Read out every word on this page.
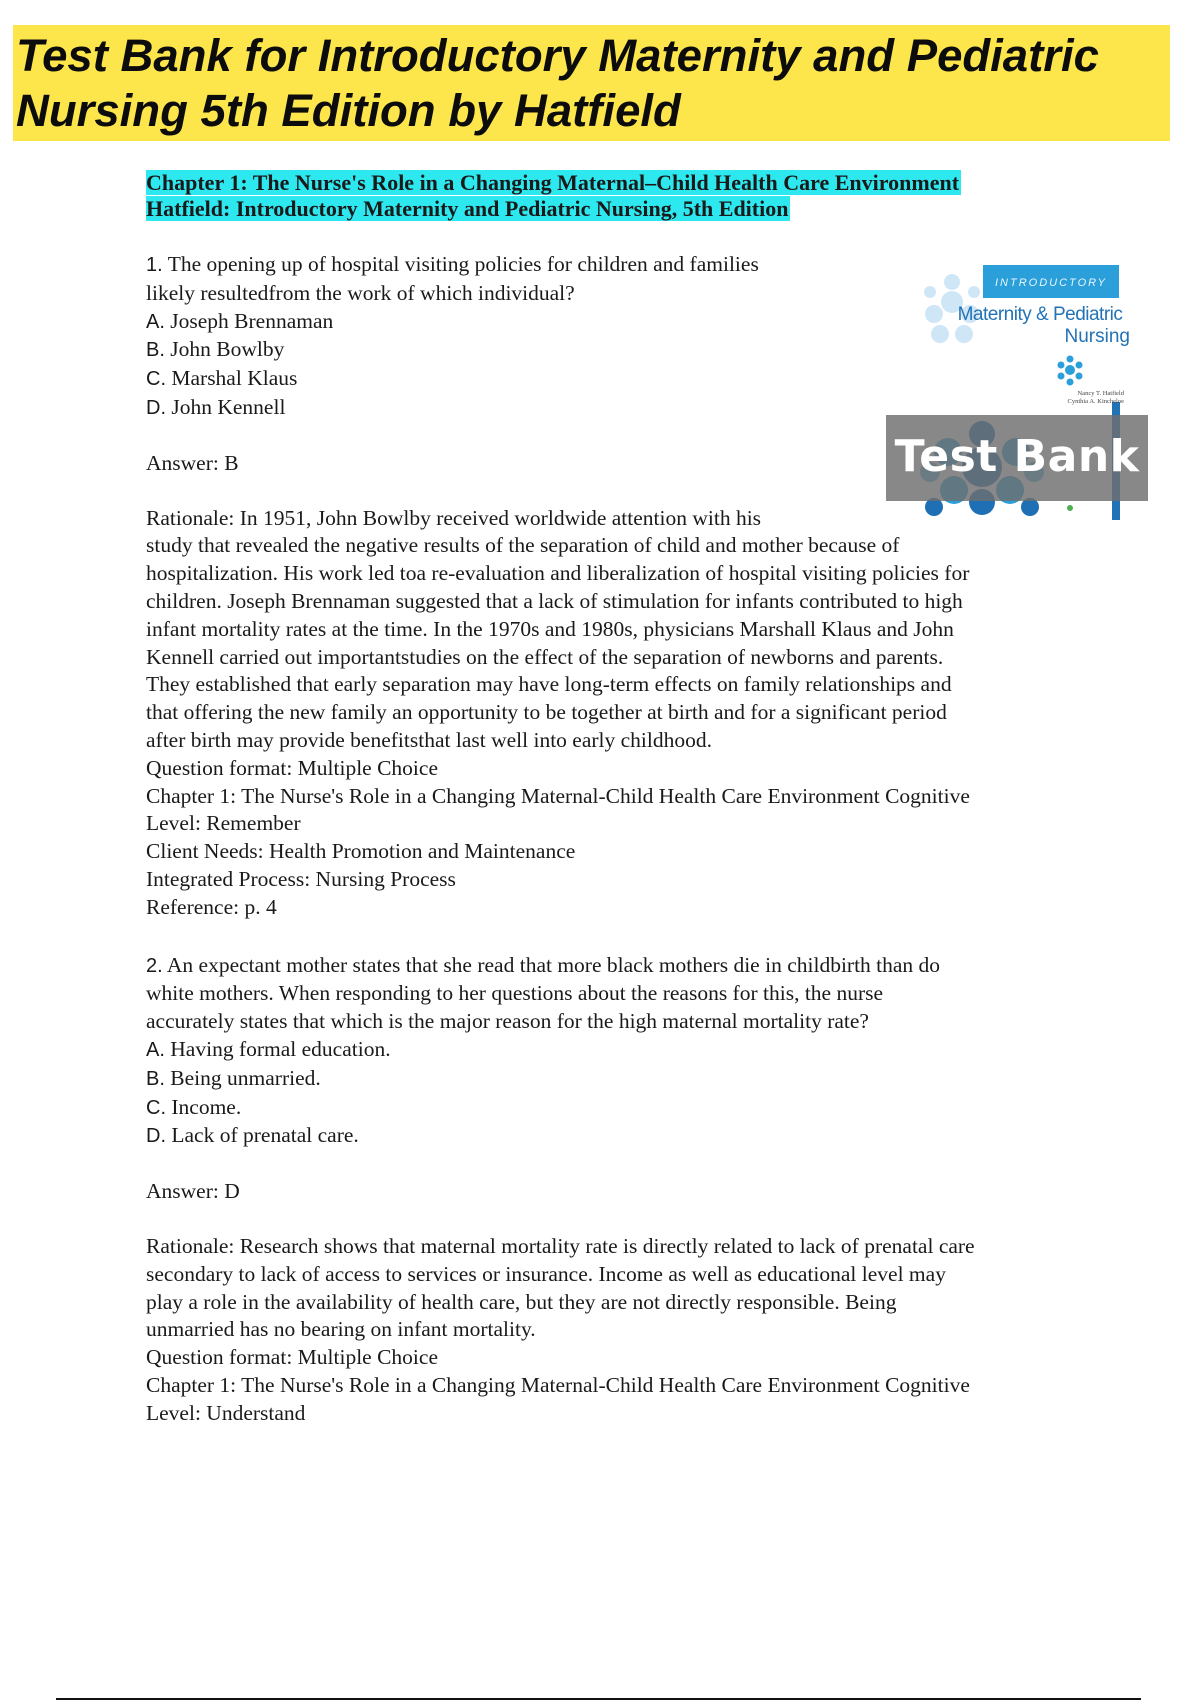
Test Bank for Introductory Maternity and Pediatric
Nursing 5th Edition by Hatfield
Chapter 1: The Nurse's Role in a Changing Maternal–Child Health Care Environment
Hatfield: Introductory Maternity and Pediatric Nursing, 5th Edition
INTRODUCTORY
Maternity & Pediatric
Nursing
Nancy T. Hatfield
Cynthia A. Kincheloe
Test Bank
1. The opening up of hospital visiting policies for children and families
likely resultedfrom the work of which individual?
A. Joseph Brennaman
B. John Bowlby
C. Marshal Klaus
D. John Kennell
Answer: B
Rationale: In 1951, John Bowlby received worldwide attention with his
study that revealed the negative results of the separation of child and mother because of
hospitalization. His work led toa re-evaluation and liberalization of hospital visiting policies for
children. Joseph Brennaman suggested that a lack of stimulation for infants contributed to high
infant mortality rates at the time. In the 1970s and 1980s, physicians Marshall Klaus and John
Kennell carried out importantstudies on the effect of the separation of newborns and parents.
They established that early separation may have long-term effects on family relationships and
that offering the new family an opportunity to be together at birth and for a significant period
after birth may provide benefitsthat last well into early childhood.
Question format: Multiple Choice
Chapter 1: The Nurse's Role in a Changing Maternal-Child Health Care Environment Cognitive
Level: Remember
Client Needs: Health Promotion and Maintenance
Integrated Process: Nursing Process
Reference: p. 4
2. An expectant mother states that she read that more black mothers die in childbirth than do
white mothers. When responding to her questions about the reasons for this, the nurse
accurately states that which is the major reason for the high maternal mortality rate?
A. Having formal education.
B. Being unmarried.
C. Income.
D. Lack of prenatal care.
Answer: D
Rationale: Research shows that maternal mortality rate is directly related to lack of prenatal care
secondary to lack of access to services or insurance. Income as well as educational level may
play a role in the availability of health care, but they are not directly responsible. Being
unmarried has no bearing on infant mortality.
Question format: Multiple Choice
Chapter 1: The Nurse's Role in a Changing Maternal-Child Health Care Environment Cognitive
Level: Understand
